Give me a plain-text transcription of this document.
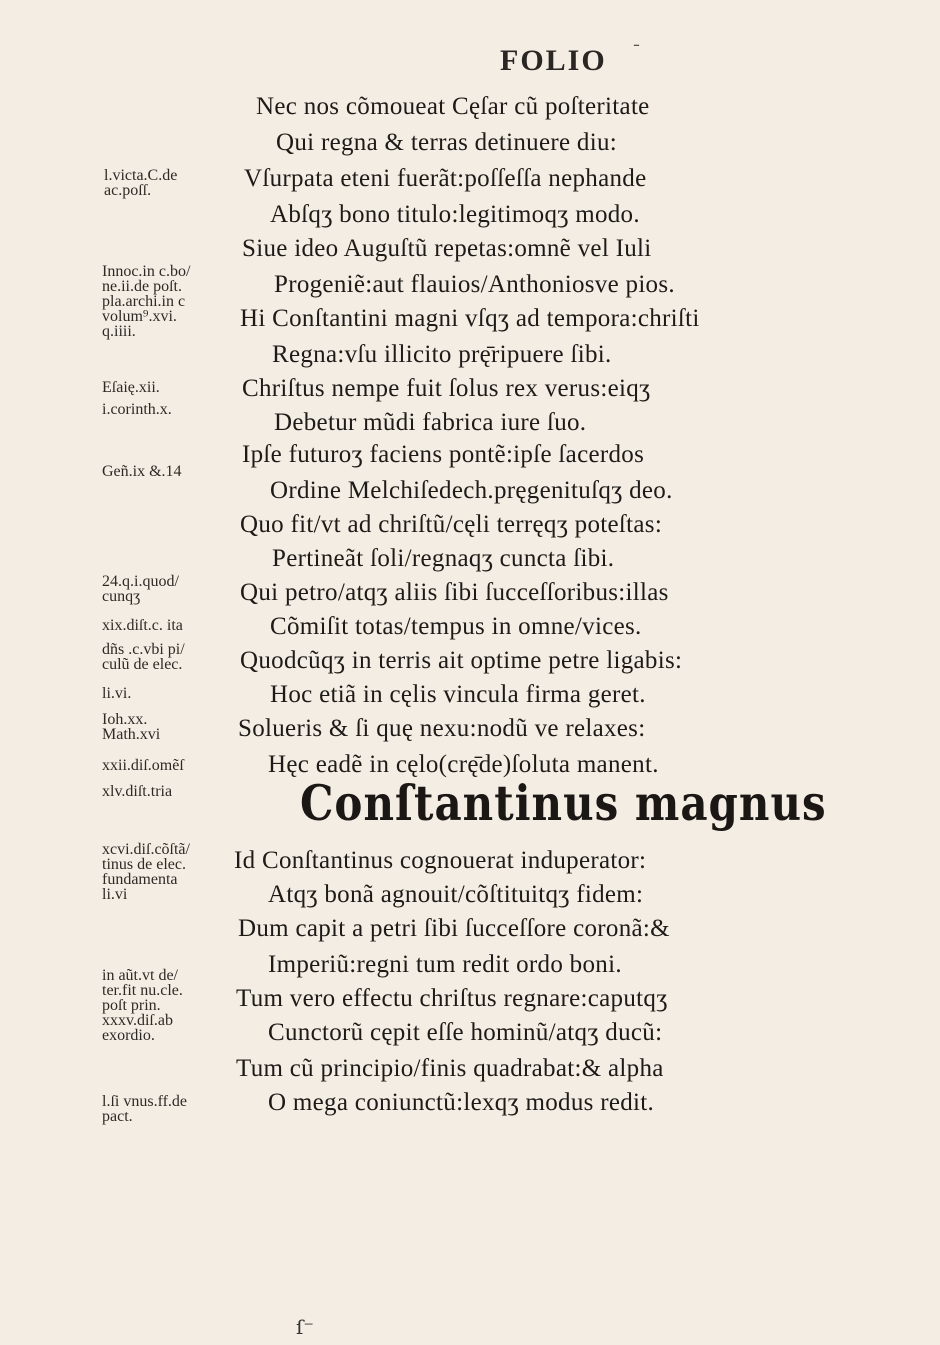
FOLIO ˉ
Nec nos cõmoueat Cęſar cũ poſteritate
Qui regna & terras detinuere diu:
Vſurpata eteni fuerãt:poſſeſſa nephande
Abſqʒ bono titulo:legitimoqʒ modo.
Siue ideo Auguſtũ repetas:omnẽ vel Iuli
Progeniẽ:aut flauios/Anthoniosve pios.
Hi Conſtantini magni vſqʒ ad tempora:chriſti
Regna:vſu illicito prę̄ripuere ſibi.
Chriſtus nempe fuit ſolus rex verus:eiqʒ
Debetur mũdi fabrica iure ſuo.
Ipſe futuroʒ faciens pontẽ:ipſe ſacerdos
Ordine Melchiſedech.pręgenituſqʒ deo.
Quo fit/vt ad chriſtũ/cęli terręqʒ poteſtas:
Pertineãt ſoli/regnaqʒ cuncta ſibi.
Qui petro/atqʒ aliis ſibi ſucceſſoribus:illas
Cõmiſit totas/tempus in omne/vices.
Quodcũqʒ in terris ait optime petre ligabis:
Hoc etiã in cęlis vincula firma geret.
Solueris & ſi quę nexu:nodũ ve relaxes:
Hęc eadẽ in cęlo(crę̄de)ſoluta manent.
Conſtantinus magnus
Id Conſtantinus cognouerat induperator:
Atqʒ bonã agnouit/cõſtituitqʒ fidem:
Dum capit a petri ſibi ſucceſſore coronã:&
Imperiũ:regni tum redit ordo boni.
Tum vero effectu chriſtus regnare:caputqʒ
Cunctorũ cępit eſſe hominũ/atqʒ ducũ:
Tum cũ principio/finis quadrabat:& alpha
O mega coniunctũ:lexqʒ modus redit.
l.victa.C.de
ac.poſſ.
Innoc.in c.bo/
ne.ii.de poſt.
pla.archi.in c
volum⁹.xvi.
q.iiii.
Eſaię.xii.
i.corinth.x.
Geñ.ix &.14
24.q.i.quod/
cunqʒ
xix.diſt.c. ita
dñs .c.vbi pi/
culũ de elec.
li.vi.
Ioh.xx.
Math.xvi
xxii.diſ.omẽſ
xlv.diſt.tria
xcvi.diſ.cõſtã/
tinus de elec.
fundamenta
li.vi
in aũt.vt de/
ter.fit nu.cle.
poſt prin.
xxxv.diſ.ab
exordio.
l.ſi vnus.ff.de
pact.
ſ⁻
